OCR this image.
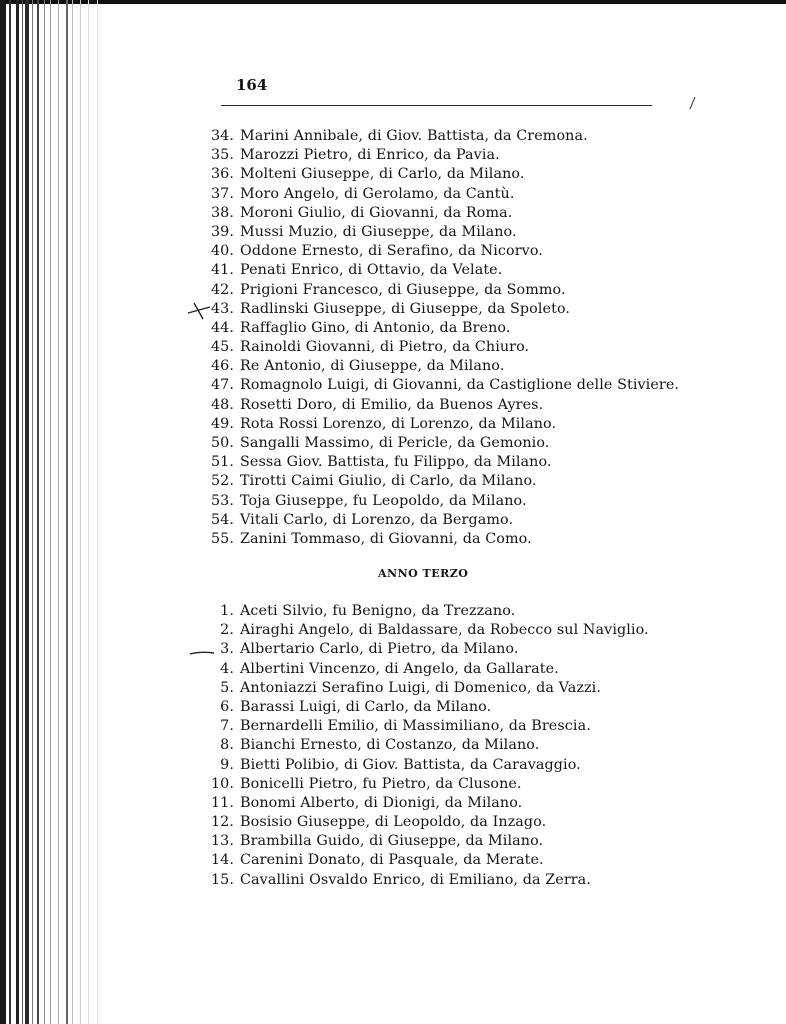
164
34. Marini Annibale, di Giov. Battista, da Cremona.
35. Marozzi Pietro, di Enrico, da Pavia.
36. Molteni Giuseppe, di Carlo, da Milano.
37. Moro Angelo, di Gerolamo, da Cantù.
38. Moroni Giulio, di Giovanni, da Roma.
39. Mussi Muzio, di Giuseppe, da Milano.
40. Oddone Ernesto, di Serafino, da Nicorvo.
41. Penati Enrico, di Ottavio, da Velate.
42. Prigioni Francesco, di Giuseppe, da Sommo.
43. Radlinski Giuseppe, di Giuseppe, da Spoleto.
44. Raffaglio Gino, di Antonio, da Breno.
45. Rainoldi Giovanni, di Pietro, da Chiuro.
46. Re Antonio, di Giuseppe, da Milano.
47. Romagnolo Luigi, di Giovanni, da Castiglione delle Stiviere.
48. Rosetti Doro, di Emilio, da Buenos Ayres.
49. Rota Rossi Lorenzo, di Lorenzo, da Milano.
50. Sangalli Massimo, di Pericle, da Gemonio.
51. Sessa Giov. Battista, fu Filippo, da Milano.
52. Tirotti Caimi Giulio, di Carlo, da Milano.
53. Toja Giuseppe, fu Leopoldo, da Milano.
54. Vitali Carlo, di Lorenzo, da Bergamo.
55. Zanini Tommaso, di Giovanni, da Como.
ANNO TERZO
1. Aceti Silvio, fu Benigno, da Trezzano.
2. Airaghi Angelo, di Baldassare, da Robecco sul Naviglio.
3. Albertario Carlo, di Pietro, da Milano.
4. Albertini Vincenzo, di Angelo, da Gallarate.
5. Antoniazzi Serafino Luigi, di Domenico, da Vazzi.
6. Barassi Luigi, di Carlo, da Milano.
7. Bernardelli Emilio, di Massimiliano, da Brescia.
8. Bianchi Ernesto, di Costanzo, da Milano.
9. Bietti Polibio, di Giov. Battista, da Caravaggio.
10. Bonicelli Pietro, fu Pietro, da Clusone.
11. Bonomi Alberto, di Dionigi, da Milano.
12. Bosisio Giuseppe, di Leopoldo, da Inzago.
13. Brambilla Guido, di Giuseppe, da Milano.
14. Carenini Donato, di Pasquale, da Merate.
15. Cavallini Osvaldo Enrico, di Emiliano, da Zerra.
